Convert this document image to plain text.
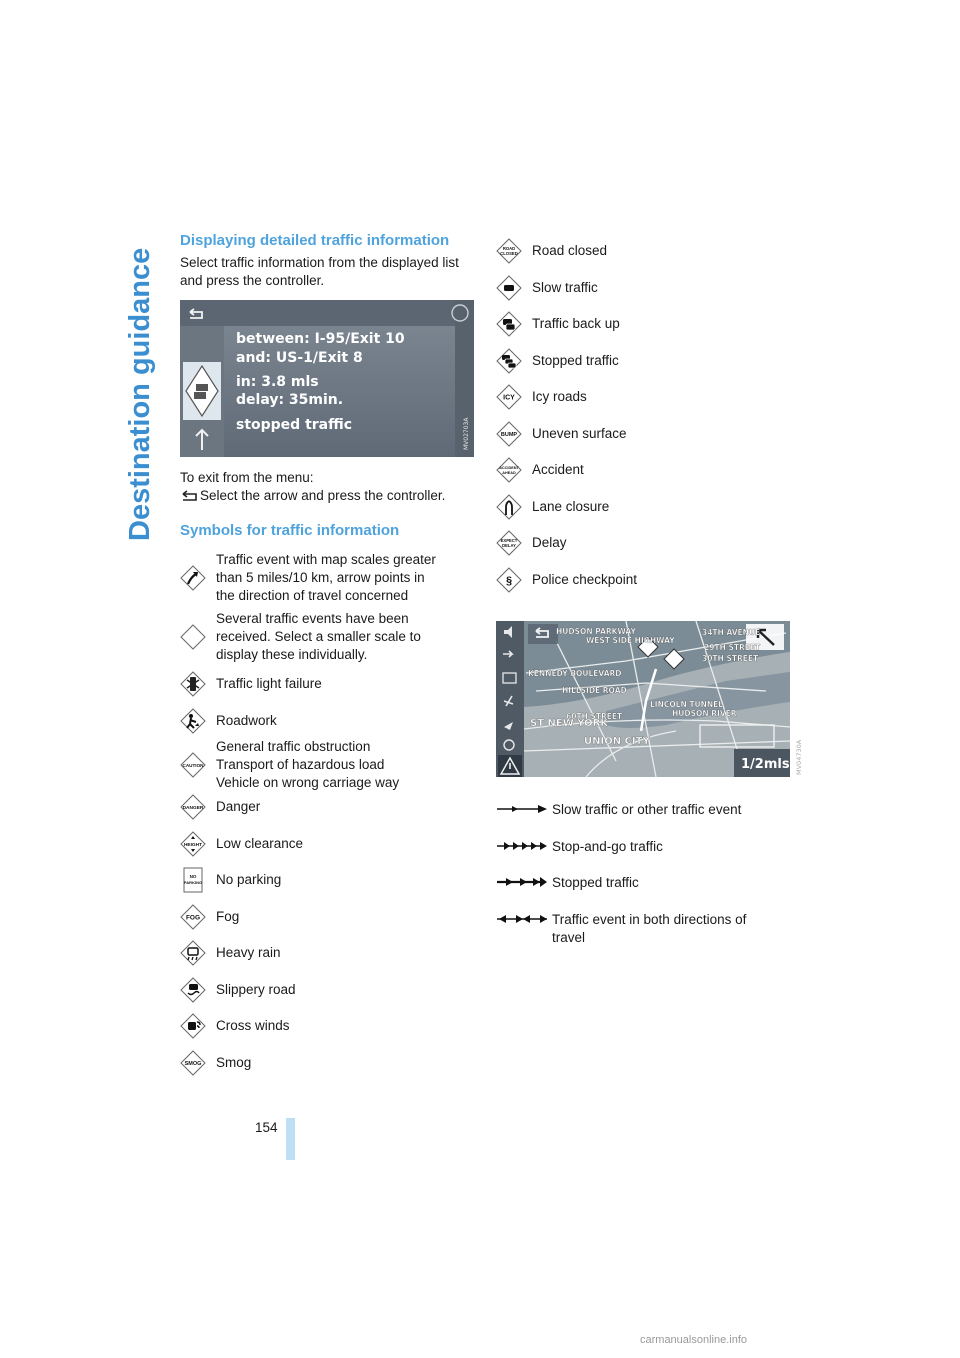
Destination guidance
Displaying detailed traffic information
Select traffic information from the displayed list
and press the controller.
between: I-95/Exit 10
and: US-1/Exit 8
in: 3.8 mls
delay: 35min.
stopped traffic	MV02703A
To exit from the menu:
Select the arrow and press the controller.
Symbols for traffic information
Traffic event with map scales greater
than 5 miles/10 km, arrow points in
the direction of travel concerned
Several traffic events have been
received. Select a smaller scale to
display these individually.
Traffic light failure
Roadwork
CAUTION
General traffic obstruction
Transport of hazardous load
Vehicle on wrong carriage way
DANGER Danger
HEIGHT Low clearance
NO
PARKING No parking
FOG Fog
Heavy rain
Slippery road
Cross winds
SMOG Smog
ROAD
CLOSED Road closed
Slow traffic
Traffic back up
Stopped traffic
ICY Icy roads
BUMP Uneven surface
ACCIDENT
AHEAD Accident
Lane closure
EXPECT
DELAY Delay
§ Police checkpoint
HUDSON PARKWAY
WEST SIDE HIGHWAY
34TH AVENUE
29TH STREET
30TH STREET
KENNEDY BOULEVARD
HILLSIDE ROAD
LINCOLN TUNNEL
HUDSON RIVER
60TH STREET
ST NEW YORK
UNION CITY
1/2mls MV04730A
Slow traffic or other traffic event
Stop-and-go traffic
Stopped traffic
Traffic event in both directions of travel
154
carmanualsonline.info
